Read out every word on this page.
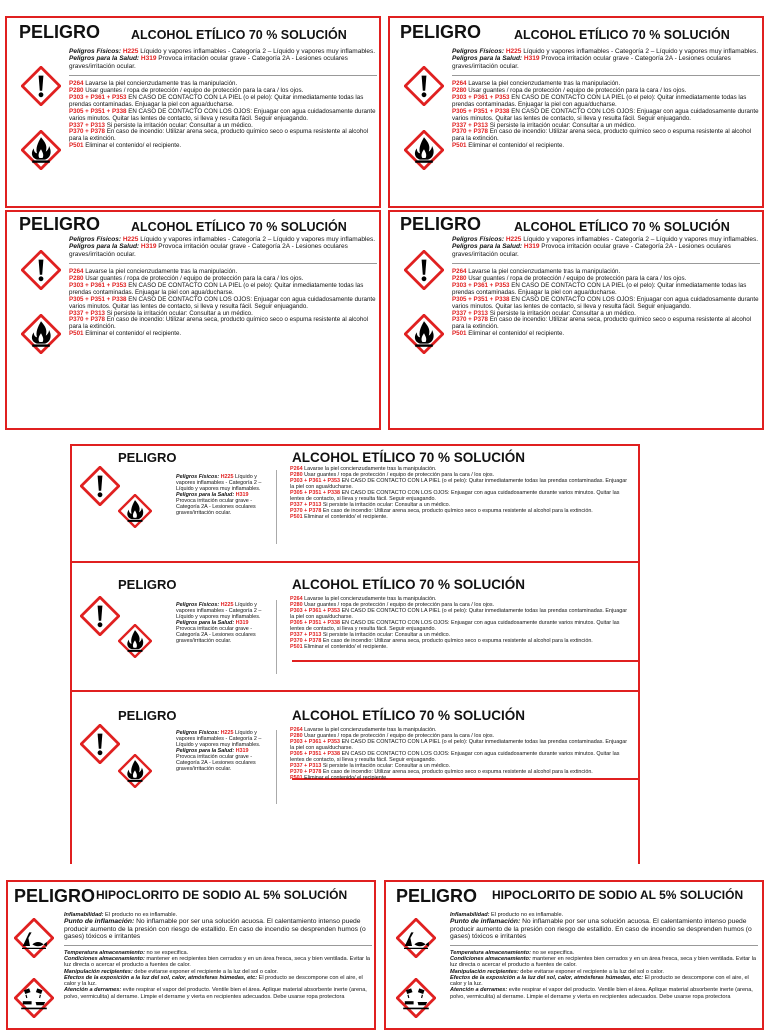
PELIGRO ALCOHOL ETÍLICO 70 % SOLUCIÓN

Peligros Físicos: H225 Líquido y vapores inflamables - Categoría 2 – Líquido y vapores muy inflamables.

Peligros para la Salud: H319 Provoca irritación ocular grave - Categoría 2A - Lesiones oculares graves/irritación ocular.

P264 Lavarse la piel concienzudamente tras la manipulación.

P280 Usar guantes / ropa de protección / equipo de protección para la cara / los ojos.

P303 + P361 + P353 EN CASO DE CONTACTO CON LA PIEL (o el pelo): Quitar inmediatamente todas las prendas contaminadas. Enjuagar la piel con agua/ducharse.

P305 + P351 + P338 EN CASO DE CONTACTO CON LOS OJOS: Enjuagar con agua cuidadosamente durante varios minutos. Quitar las lentes de contacto, si lleva y resulta fácil. Seguir enjuagando.

P337 + P313 Si persiste la irritación ocular: Consultar a un médico.

P370 + P378 En caso de incendio: Utilizar arena seca, producto químico seco o espuma resistente al alcohol para la extinción.

P501 Eliminar el contenido/ el recipiente.

PELIGRO	ALCOHOL ETÍLICO 70 % SOLUCIÓN

Peligros Físicos: H225 Líquido y vapores inflamables - Categoría 2 – Líquido y vapores muy inflamables.

Peligros para la Salud: H319 Provoca irritación ocular grave - Categoría 2A - Lesiones oculares graves/irritación ocular.

P264 Lavarse la piel concienzudamente tras la manipulación.

P280 Usar guantes / ropa de protección / equipo de protección para la cara / los ojos.

P303 + P361 + P353 EN CASO DE CONTACTO CON LA PIEL (o el pelo): Quitar inmediatamente todas las prendas contaminadas. Enjuagar la piel con agua/ducharse.

P305 + P351 + P338 EN CASO DE CONTACTO CON LOS OJOS: Enjuagar con agua cuidadosamente durante varios minutos. Quitar las lentes de contacto, si lleva y resulta fácil. Seguir enjuagando.

P337 + P313 Si persiste la irritación ocular: Consultar a un médico.

P370 + P378 En caso de incendio: Utilizar arena seca, producto químico seco o espuma resistente al alcohol para la extinción.

P501 Eliminar el contenido/ el recipiente.

PELIGRO ALCOHOL ETÍLICO 70 % SOLUCIÓN

Peligros Físicos: H225 Líquido y vapores inflamables - Categoría 2 – Líquido y vapores muy inflamables.

Peligros para la Salud: H319 Provoca irritación ocular grave - Categoría 2A - Lesiones oculares graves/irritación ocular.

P264 Lavarse la piel concienzudamente tras la manipulación.

P280 Usar guantes / ropa de protección / equipo de protección para la cara / los ojos.

P303 + P361 + P353 EN CASO DE CONTACTO CON LA PIEL (o el pelo): Quitar inmediatamente todas las prendas contaminadas. Enjuagar la piel con agua/ducharse.

P305 + P351 + P338 EN CASO DE CONTACTO CON LOS OJOS: Enjuagar con agua cuidadosamente durante varios minutos. Quitar las lentes de contacto, si lleva y resulta fácil. Seguir enjuagando.

P337 + P313 Si persiste la irritación ocular: Consultar a un médico.

P370 + P378 En caso de incendio: Utilizar arena seca, producto químico seco o espuma resistente al alcohol para la extinción.

P501 Eliminar el contenido/ el recipiente.

PELIGRO	ALCOHOL ETÍLICO 70 % SOLUCIÓN

Peligros Físicos: H225 Líquido y vapores inflamables - Categoría 2 – Líquido y vapores muy inflamables.

Peligros para la Salud: H319 Provoca irritación ocular grave - Categoría 2A - Lesiones oculares graves/irritación ocular.

P264 Lavarse la piel concienzudamente tras la manipulación.

P280 Usar guantes / ropa de protección / equipo de protección para la cara / los ojos.

P303 + P361 + P353 EN CASO DE CONTACTO CON LA PIEL (o el pelo): Quitar inmediatamente todas las prendas contaminadas. Enjuagar la piel con agua/ducharse.

P305 + P351 + P338 EN CASO DE CONTACTO CON LOS OJOS: Enjuagar con agua cuidadosamente durante varios minutos. Quitar las lentes de contacto, si lleva y resulta fácil. Seguir enjuagando.

P337 + P313 Si persiste la irritación ocular: Consultar a un médico.

P370 + P378 En caso de incendio: Utilizar arena seca, producto químico seco o espuma resistente al alcohol para la extinción.

P501 Eliminar el contenido/ el recipiente.

PELIGRO	ALCOHOL ETÍLICO 70 % SOLUCIÓN

Peligros Físicos: H225 Líquido y vapores inflamables - Categoría 2 – Líquido y vapores muy inflamables.

Peligros para la Salud: H319 Provoca irritación ocular grave - Categoría 2A - Lesiones oculares graves/irritación ocular.

P264 Lavarse la piel concienzudamente tras la manipulación.

P280 Usar guantes / ropa de protección / equipo de protección para la cara / los ojos.

P303 + P361 + P353 EN CASO DE CONTACTO CON LA PIEL (o el pelo): Quitar inmediatamente todas las prendas contaminadas. Enjuagar la piel con agua/ducharse.

P305 + P351 + P338 EN CASO DE CONTACTO CON LOS OJOS: Enjuagar con agua cuidadosamente durante varios minutos. Quitar las lentes de contacto, si lleva y resulta fácil. Seguir enjuagando.

P337 + P313 Si persiste la irritación ocular: Consultar a un médico.

P370 + P378 En caso de incendio: Utilizar arena seca, producto químico seco o espuma resistente al alcohol para la extinción.

P501 Eliminar el contenido/ el recipiente.

PELIGRO	ALCOHOL ETÍLICO 70 % SOLUCIÓN

Peligros Físicos: H225 Líquido y vapores inflamables - Categoría 2 – Líquido y vapores muy inflamables.

Peligros para la Salud: H319 Provoca irritación ocular grave - Categoría 2A - Lesiones oculares graves/irritación ocular.

P264 Lavarse la piel concienzudamente tras la manipulación.

P280 Usar guantes / ropa de protección / equipo de protección para la cara / los ojos.

P303 + P361 + P353 EN CASO DE CONTACTO CON LA PIEL (o el pelo): Quitar inmediatamente todas las prendas contaminadas. Enjuagar la piel con agua/ducharse.

P305 + P351 + P338 EN CASO DE CONTACTO CON LOS OJOS: Enjuagar con agua cuidadosamente durante varios minutos. Quitar las lentes de contacto, si lleva y resulta fácil. Seguir enjuagando.

P337 + P313 Si persiste la irritación ocular: Consultar a un médico.

P370 + P378 En caso de incendio: Utilizar arena seca, producto químico seco o espuma resistente al alcohol para la extinción.

P501 Eliminar el contenido/ el recipiente.

PELIGRO	ALCOHOL ETÍLICO 70 % SOLUCIÓN

Peligros Físicos: H225 Líquido y vapores inflamables - Categoría 2 – Líquido y vapores muy inflamables.

Peligros para la Salud: H319 Provoca irritación ocular grave - Categoría 2A - Lesiones oculares graves/irritación ocular.

P264 Lavarse la piel concienzudamente tras la manipulación.

P280 Usar guantes / ropa de protección / equipo de protección para la cara / los ojos.

P303 + P361 + P353 EN CASO DE CONTACTO CON LA PIEL (o el pelo): Quitar inmediatamente todas las prendas contaminadas. Enjuagar la piel con agua/ducharse.

P305 + P351 + P338 EN CASO DE CONTACTO CON LOS OJOS: Enjuagar con agua cuidadosamente durante varios minutos. Quitar las lentes de contacto, si lleva y resulta fácil. Seguir enjuagando.

P337 + P313 Si persiste la irritación ocular: Consultar a un médico.

P370 + P378 En caso de incendio: Utilizar arena seca, producto químico seco o espuma resistente al alcohol para la extinción.

P501 Eliminar el contenido/ el recipiente.

PELIGRO HIPOCLORITO DE SODIO AL 5% SOLUCIÓN

Inflamabilidad: El producto no es inflamable.

Punto de inflamación: No inflamable por ser una solución acuosa. El calentamiento intenso puede producir aumento de la presión con riesgo de estallido. En caso de incendio se desprenden humos (o gases) tóxicos e irritantes

Temperatura almacenamiento: no se especifica.

Condiciones almacenamiento: mantener en recipientes bien cerrados y en un área fresca, seca y bien ventilada. Evitar la luz directa o acercar el producto a fuentes de calor.

Manipulación recipientes: debe evitarse exponer el recipiente a la luz del sol o calor.

Efectos de la exposición a la luz del sol, calor, atmósferas húmedas, etc: El producto se descompone con el aire, el calor y la luz.

Atención a derrames: evite respirar el vapor del producto. Ventile bien el área. Aplique material absorbente inerte (arena, polvo, vermiculita) al derrame. Limpie el derrame y vierta en recipientes adecuados. Debe usarse ropa protectora

PELIGRO HIPOCLORITO DE SODIO AL 5% SOLUCIÓN

Inflamabilidad: El producto no es inflamable.

Punto de inflamación: No inflamable por ser una solución acuosa. El calentamiento intenso puede producir aumento de la presión con riesgo de estallido. En caso de incendio se desprenden humos (o gases) tóxicos e irritantes

Temperatura almacenamiento: no se especifica.

Condiciones almacenamiento: mantener en recipientes bien cerrados y en un área fresca, seca y bien ventilada. Evitar la luz directa o acercar el producto a fuentes de calor.

Manipulación recipientes: debe evitarse exponer el recipiente a la luz del sol o calor.

Efectos de la exposición a la luz del sol, calor, atmósferas húmedas, etc: El producto se descompone con el aire, el calor y la luz.

Atención a derrames: evite respirar el vapor del producto. Ventile bien el área. Aplique material absorbente inerte (arena, polvo, vermiculita) al derrame. Limpie el derrame y vierta en recipientes adecuados. Debe usarse ropa protectora
